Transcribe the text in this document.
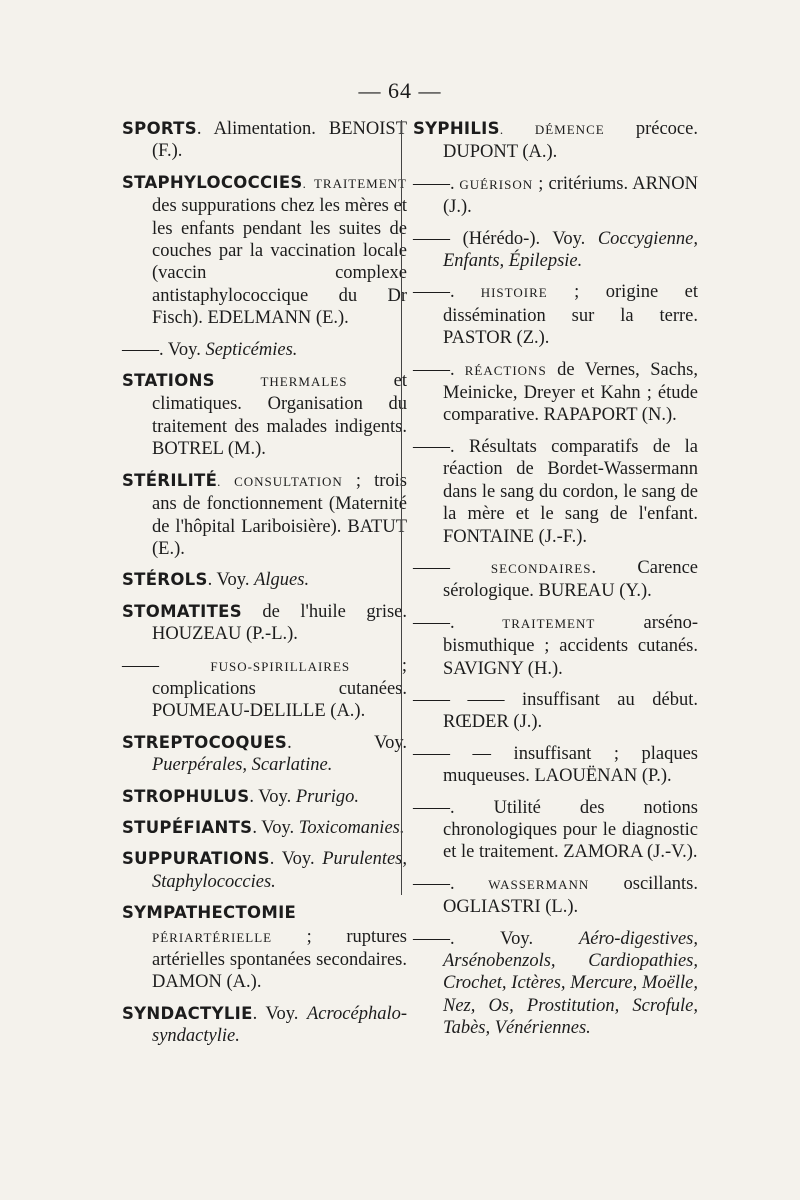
— 64 —

SPORTS. Alimentation. BENOIST (F.).

STAPHYLOCOCCIES. TRAITEMENT des suppurations chez les mères et les enfants pendant les suites de couches par la vaccination locale (vaccin complexe antistaphylococcique du Dr Fisch). EDELMANN (E.).

——. Voy. Septicémies.

STATIONS THERMALES et climatiques. Organisation du traitement des malades indigents. BOTREL (M.).

STÉRILITÉ. CONSULTATION ; trois ans de fonctionnement (Maternité de l'hôpital Lariboisière). BATUT (E.).

STÉROLS. Voy. Algues.

STOMATITES de l'huile grise. HOUZEAU (P.-L.).

—— FUSO-SPIRILLAIRES ; complications cutanées. POUMEAU-DELILLE (A.).

STREPTOCOQUES. Voy. Puerpérales, Scarlatine.

STROPHULUS. Voy. Prurigo.

STUPÉFIANTS. Voy. Toxicomanies.

SUPPURATIONS. Voy. Purulentes, Staphylococcies.

SYMPATHECTOMIE PÉRIARTÉRIELLE ; ruptures artérielles spontanées secondaires. DAMON (A.).

SYNDACTYLIE. Voy. Acrocéphalo-syndactylie.

SYPHILIS. DÉMENCE précoce. DUPONT (A.).

——. GUÉRISON ; critériums. ARNON (J.).

—— (Hérédo-). Voy. Coccygienne, Enfants, Épilepsie.

——. HISTOIRE ; origine et dissémination sur la terre. PASTOR (Z.).

——. RÉACTIONS de Vernes, Sachs, Meinicke, Dreyer et Kahn ; étude comparative. RAPAPORT (N.).

——. Résultats comparatifs de la réaction de Bordet-Wassermann dans le sang du cordon, le sang de la mère et le sang de l'enfant. FONTAINE (J.-F.).

—— SECONDAIRES. Carence sérologique. BUREAU (Y.).

——. TRAITEMENT arséno-bismuthique ; accidents cutanés. SAVIGNY (H.).

—— —— insuffisant au début. RŒDER (J.).

—— — insuffisant ; plaques muqueuses. LAOUËNAN (P.).

——. Utilité des notions chronologiques pour le diagnostic et le traitement. ZAMORA (J.-V.).

——. WASSERMANN oscillants. OGLIASTRI (L.).

——. Voy. Aéro-digestives, Arsénobenzols, Cardiopathies, Crochet, Ictères, Mercure, Moëlle, Nez, Os, Prostitution, Scrofule, Tabès, Vénériennes.
